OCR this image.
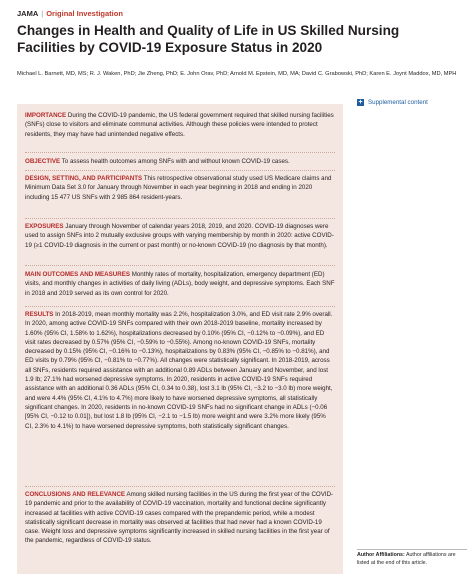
JAMA | Original Investigation
Changes in Health and Quality of Life in US Skilled Nursing Facilities by COVID-19 Exposure Status in 2020
Michael L. Barnett, MD, MS; R. J. Waken, PhD; Jie Zheng, PhD; E. John Orav, PhD; Arnold M. Epstein, MD, MA; David C. Grabowski, PhD; Karen E. Joynt Maddox, MD, MPH

IMPORTANCE During the COVID-19 pandemic, the US federal government required that skilled nursing facilities (SNFs) close to visitors and eliminate communal activities. Although these policies were intended to protect residents, they may have had unintended negative effects.

OBJECTIVE To assess health outcomes among SNFs with and without known COVID-19 cases.

DESIGN, SETTING, AND PARTICIPANTS This retrospective observational study used US Medicare claims and Minimum Data Set 3.0 for January through November in each year beginning in 2018 and ending in 2020 including 15 477 US SNFs with 2 985 864 resident-years.

EXPOSURES January through November of calendar years 2018, 2019, and 2020. COVID-19 diagnoses were used to assign SNFs into 2 mutually exclusive groups with varying membership by month in 2020: active COVID-19 (≥1 COVID-19 diagnosis in the current or past month) or no-known COVID-19 (no diagnosis by that month).

MAIN OUTCOMES AND MEASURES Monthly rates of mortality, hospitalization, emergency department (ED) visits, and monthly changes in activities of daily living (ADLs), body weight, and depressive symptoms. Each SNF in 2018 and 2019 served as its own control for 2020.

RESULTS In 2018-2019, mean monthly mortality was 2.2%, hospitalization 3.0%, and ED visit rate 2.9% overall. In 2020, among active COVID-19 SNFs compared with their own 2018-2019 baseline, mortality increased by 1.60% (95% CI, 1.58% to 1.62%), hospitalizations decreased by 0.10% (95% CI, −0.12% to −0.09%), and ED visit rates decreased by 0.57% (95% CI, −0.59% to −0.55%). Among no-known COVID-19 SNFs, mortality decreased by 0.15% (95% CI, −0.16% to −0.13%), hospitalizations by 0.83% (95% CI, −0.85% to −0.81%), and ED visits by 0.79% (95% CI, −0.81% to −0.77%). All changes were statistically significant. In 2018-2019, across all SNFs, residents required assistance with an additional 0.89 ADLs between January and November, and lost 1.9 lb; 27.1% had worsened depressive symptoms. In 2020, residents in active COVID-19 SNFs required assistance with an additional 0.36 ADLs (95% CI, 0.34 to 0.38), lost 3.1 lb (95% CI, −3.2 to −3.0 lb) more weight, and were 4.4% (95% CI, 4.1% to 4.7%) more likely to have worsened depressive symptoms, all statistically significant changes. In 2020, residents in no-known COVID-19 SNFs had no significant change in ADLs (−0.06 [95% CI, −0.12 to 0.01]), but lost 1.8 lb (95% CI, −2.1 to −1.5 lb) more weight and were 3.2% more likely (95% CI, 2.3% to 4.1%) to have worsened depressive symptoms, both statistically significant changes.

CONCLUSIONS AND RELEVANCE Among skilled nursing facilities in the US during the first year of the COVID-19 pandemic and prior to the availability of COVID-19 vaccination, mortality and functional decline significantly increased at facilities with active COVID-19 cases compared with the prepandemic period, while a modest statistically significant decrease in mortality was observed at facilities that had never had a known COVID-19 case. Weight loss and depressive symptoms significantly increased in skilled nursing facilities in the first year of the pandemic, regardless of COVID-19 status.

+ Supplemental content
Author Affiliations: Author affiliations are listed at the end of this article.
